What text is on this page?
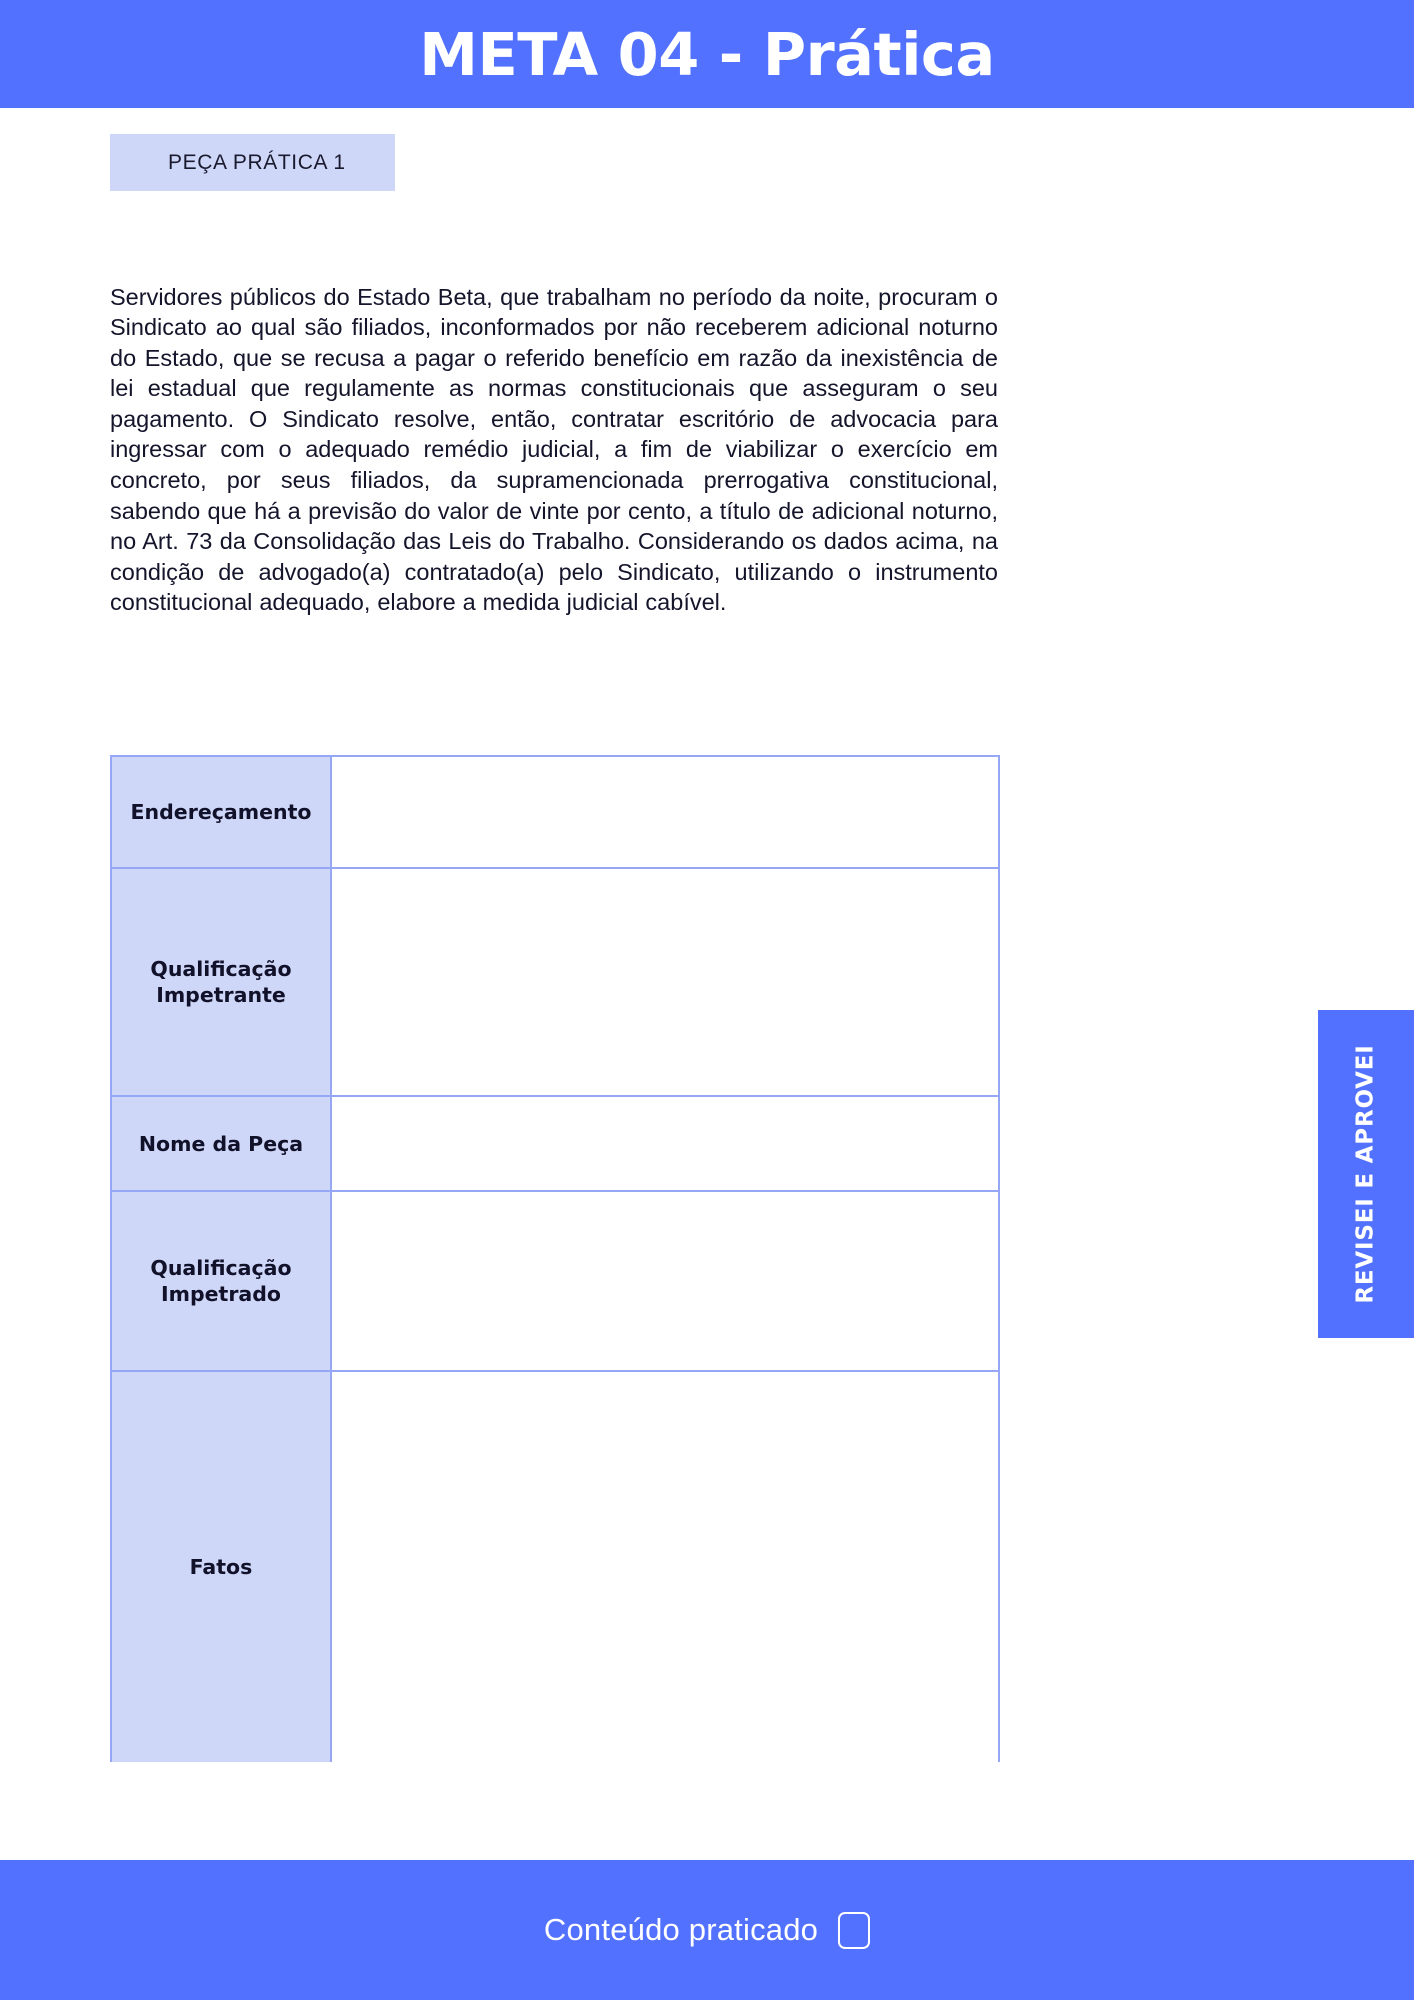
META 04 - Prática
PEÇA PRÁTICA 1

Servidores públicos do Estado Beta, que trabalham no período da noite, procuram o Sindicato ao qual são filiados, inconformados por não receberem adicional noturno do Estado, que se recusa a pagar o referido benefício em razão da inexistência de lei estadual que regulamente as normas constitucionais que asseguram o seu pagamento. O Sindicato resolve, então, contratar escritório de advocacia para ingressar com o adequado remédio judicial, a fim de viabilizar o exercício em concreto, por seus filiados, da supramencionada prerrogativa constitucional, sabendo que há a previsão do valor de vinte por cento, a título de adicional noturno, no Art. 73 da Consolidação das Leis do Trabalho. Considerando os dados acima, na condição de advogado(a) contratado(a) pelo Sindicato, utilizando o instrumento constitucional adequado, elabore a medida judicial cabível.

Endereçamento
Qualificação Impetrante
Nome da Peça
Qualificação Impetrado
Fatos
REVISEI E APROVEI
Conteúdo praticado
